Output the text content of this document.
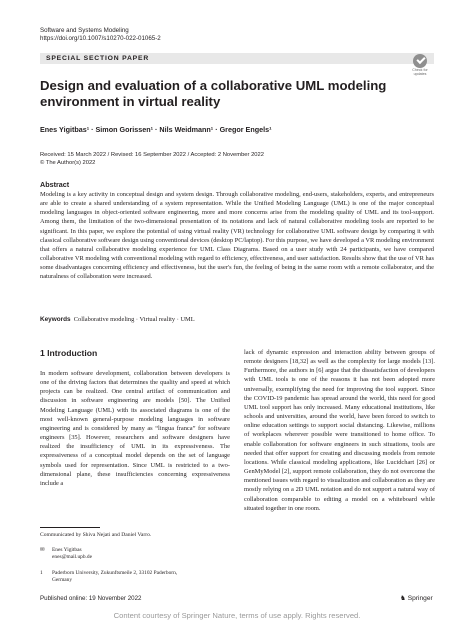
Software and Systems Modeling
https://doi.org/10.1007/s10270-022-01065-2
SPECIAL SECTION PAPER
Check for updates
Design and evaluation of a collaborative UML modeling environment in virtual reality
Enes Yigitbas¹ · Simon Gorissen¹ · Nils Weidmann¹ · Gregor Engels¹
Received: 15 March 2022 / Revised: 16 September 2022 / Accepted: 2 November 2022
© The Author(s) 2022
Abstract

Modeling is a key activity in conceptual design and system design. Through collaborative modeling, end-users, stakeholders, experts, and entrepreneurs are able to create a shared understanding of a system representation. While the Unified Modeling Language (UML) is one of the major conceptual modeling languages in object-oriented software engineering, more and more concerns arise from the modeling quality of UML and its tool-support. Among them, the limitation of the two-dimensional presentation of its notations and lack of natural collaborative modeling tools are reported to be significant. In this paper, we explore the potential of using virtual reality (VR) technology for collaborative UML software design by comparing it with classical collaborative software design using conventional devices (desktop PC/laptop). For this purpose, we have developed a VR modeling environment that offers a natural collaborative modeling experience for UML Class Diagrams. Based on a user study with 24 participants, we have compared collaborative VR modeling with conventional modeling with regard to efficiency, effectiveness, and user satisfaction. Results show that the use of VR has some disadvantages concerning efficiency and effectiveness, but the user's fun, the feeling of being in the same room with a remote collaborator, and the naturalness of collaboration were increased.

Keywords Collaborative modeling · Virtual reality · UML
1 Introduction

In modern software development, collaboration between developers is one of the driving factors that determines the quality and speed at which projects can be realized. One central artifact of communication and discussion in software engineering are models [50]. The Unified Modeling Language (UML) with its associated diagrams is one of the most well-known general-purpose modeling languages in software engineering and is considered by many as “lingua franca” for software engineers [35]. However, researchers and software designers have realized the insufficiency of UML in its expressiveness. The expressiveness of a conceptual model depends on the set of language symbols used for representation. Since UML is restricted to a two-dimensional plane, these insufficiencies concerning expressiveness include a

lack of dynamic expression and interaction ability between groups of remote designers [18,32] as well as the complexity for large models [13]. Furthermore, the authors in [6] argue that the dissatisfaction of developers with UML tools is one of the reasons it has not been adopted more universally, exemplifying the need for improving the tool support. Since the COVID-19 pandemic has spread around the world, this need for good UML tool support has only increased. Many educational institutions, like schools and universities, around the world, have been forced to switch to online education settings to support social distancing. Likewise, millions of workplaces wherever possible were transitioned to home office. To enable collaboration for software engineers in such situations, tools are needed that offer support for creating and discussing models from remote locations. While classical modeling applications, like Lucidchart [26] or GenMyModel [2], support remote collaboration, they do not overcome the mentioned issues with regard to visualization and collaboration as they are mostly relying on a 2D UML notation and do not support a natural way of collaboration comparable to editing a model on a whiteboard while situated together in one room.

Communicated by Shiva Nejati and Daniel Varro.
✉ Enes Yigitbas
enes@mail.upb.de
1 Paderborn University, Zukunftsmeile 2, 33102 Paderborn,
Germany
Published online: 19 November 2022	♞ Springer
Content courtesy of Springer Nature, terms of use apply. Rights reserved.
